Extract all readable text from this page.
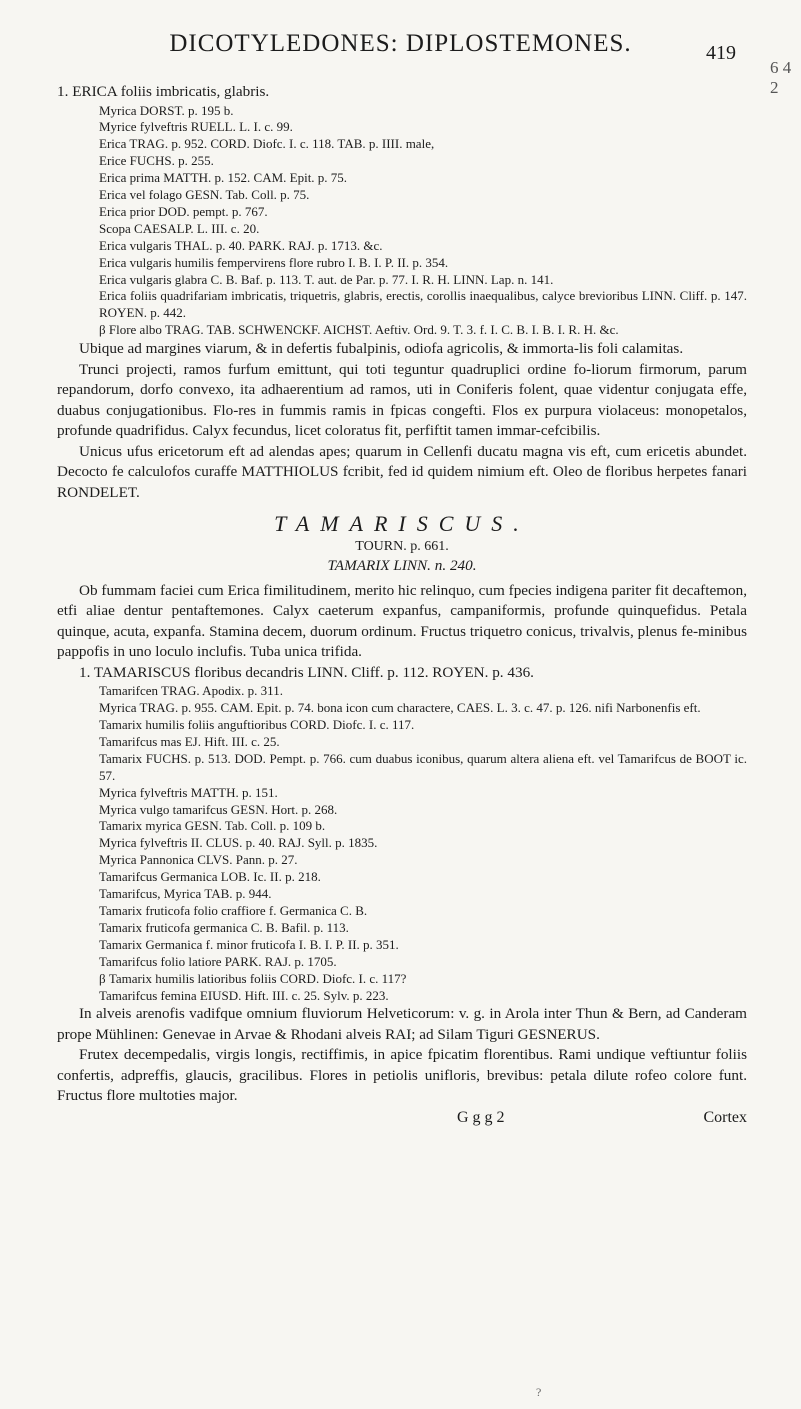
DICOTYLEDONES: DIPLOSTEMONES.	419
6 4 2

1. ERICA foliis imbricatis, glabris.

Myrica DORST. p. 195 b.

Myrice fylveftris RUELL. L. I. c. 99.

Erica TRAG. p. 952. CORD. Diofc. I. c. 118. TAB. p. IIII. male,

Erice FUCHS. p. 255.

Erica prima MATTH. p. 152. CAM. Epit. p. 75.

Erica vel folago GESN. Tab. Coll. p. 75.

Erica prior DOD. pempt. p. 767.

Scopa CAESALP. L. III. c. 20.

Erica vulgaris THAL. p. 40. PARK. RAJ. p. 1713. &c.

Erica vulgaris humilis fempervirens flore rubro I. B. I. P. II. p. 354.

Erica vulgaris glabra C. B. Baf. p. 113. T. aut. de Par. p. 77. I. R. H. LINN. Lap. n. 141.

Erica foliis quadrifariam imbricatis, triquetris, glabris, erectis, corollis inaequalibus, calyce brevioribus LINN. Cliff. p. 147. ROYEN. p. 442.

β Flore albo TRAG. TAB. SCHWENCKF. AICHST. Aeftiv. Ord. 9. T. 3. f. I. C. B. I. B. I. R. H. &c.

Ubique ad margines viarum, & in defertis fubalpinis, odiofa agricolis, & immorta-lis foli calamitas.

Trunci projecti, ramos furfum emittunt, qui toti teguntur quadruplici ordine fo-liorum firmorum, parum repandorum, dorfo convexo, ita adhaerentium ad ramos, uti in Coniferis folent, quae videntur conjugata effe, duabus conjugationibus. Flo-res in fummis ramis in fpicas congefti. Flos ex purpura violaceus: monopetalos, profunde quadrifidus. Calyx fecundus, licet coloratus fit, perfiftit tamen immar-cefcibilis.

Unicus ufus ericetorum eft ad alendas apes; quarum in Cellenfi ducatu magna vis eft, cum ericetis abundet. Decocto fe calculofos curaffe MATTHIOLUS fcribit, fed id quidem nimium eft. Oleo de floribus herpetes fanari RONDELET.

TAMARISCUS.

TOURN. p. 661.

TAMARIX LINN. n. 240.

Ob fummam faciei cum Erica fimilitudinem, merito hic relinquo, cum fpecies indigena pariter fit decaftemon, etfi aliae dentur pentaftemones. Calyx caeterum expanfus, campaniformis, profunde quinquefidus. Petala quinque, acuta, expanfa. Stamina decem, duorum ordinum. Fructus triquetro conicus, trivalvis, plenus fe-minibus pappofis in uno loculo inclufis. Tuba unica trifida.

1. TAMARISCUS floribus decandris LINN. Cliff. p. 112. ROYEN. p. 436.

Tamarifcen TRAG. Apodix. p. 311.

Myrica TRAG. p. 955. CAM. Epit. p. 74. bona icon cum charactere, CAES. L. 3. c. 47. p. 126. nifi Narbonenfis eft.

Tamarix humilis foliis anguftioribus CORD. Diofc. I. c. 117.

Tamarifcus mas EJ. Hift. III. c. 25.

Tamarix FUCHS. p. 513. DOD. Pempt. p. 766. cum duabus iconibus, quarum altera aliena eft. vel Tamarifcus de BOOT ic. 57.

Myrica fylveftris MATTH. p. 151.

Myrica vulgo tamarifcus GESN. Hort. p. 268.

Tamarix myrica GESN. Tab. Coll. p. 109 b.

Myrica fylveftris II. CLUS. p. 40. RAJ. Syll. p. 1835.

Myrica Pannonica CLVS. Pann. p. 27.

Tamarifcus Germanica LOB. Ic. II. p. 218.

Tamarifcus, Myrica TAB. p. 944.

Tamarix fruticofa folio craffiore f. Germanica C. B.

Tamarix fruticofa germanica C. B. Bafil. p. 113.

Tamarix Germanica f. minor fruticofa I. B. I. P. II. p. 351.

Tamarifcus folio latiore PARK. RAJ. p. 1705.

β Tamarix humilis latioribus foliis CORD. Diofc. I. c. 117?

Tamarifcus femina EIUSD. Hift. III. c. 25. Sylv. p. 223.

In alveis arenofis vadifque omnium fluviorum Helveticorum: v. g. in Arola inter Thun & Bern, ad Canderam prope Mühlinen: Genevae in Arvae & Rhodani alveis RAI; ad Silam Tiguri GESNERUS.

Frutex decempedalis, virgis longis, rectiffimis, in apice fpicatim florentibus. Rami undique veftiuntur foliis confertis, adpreffis, glaucis, gracilibus. Flores in petiolis unifloris, brevibus: petala dilute rofeo colore funt. Fructus flore multoties major.

G g g 2	Cortex
?
